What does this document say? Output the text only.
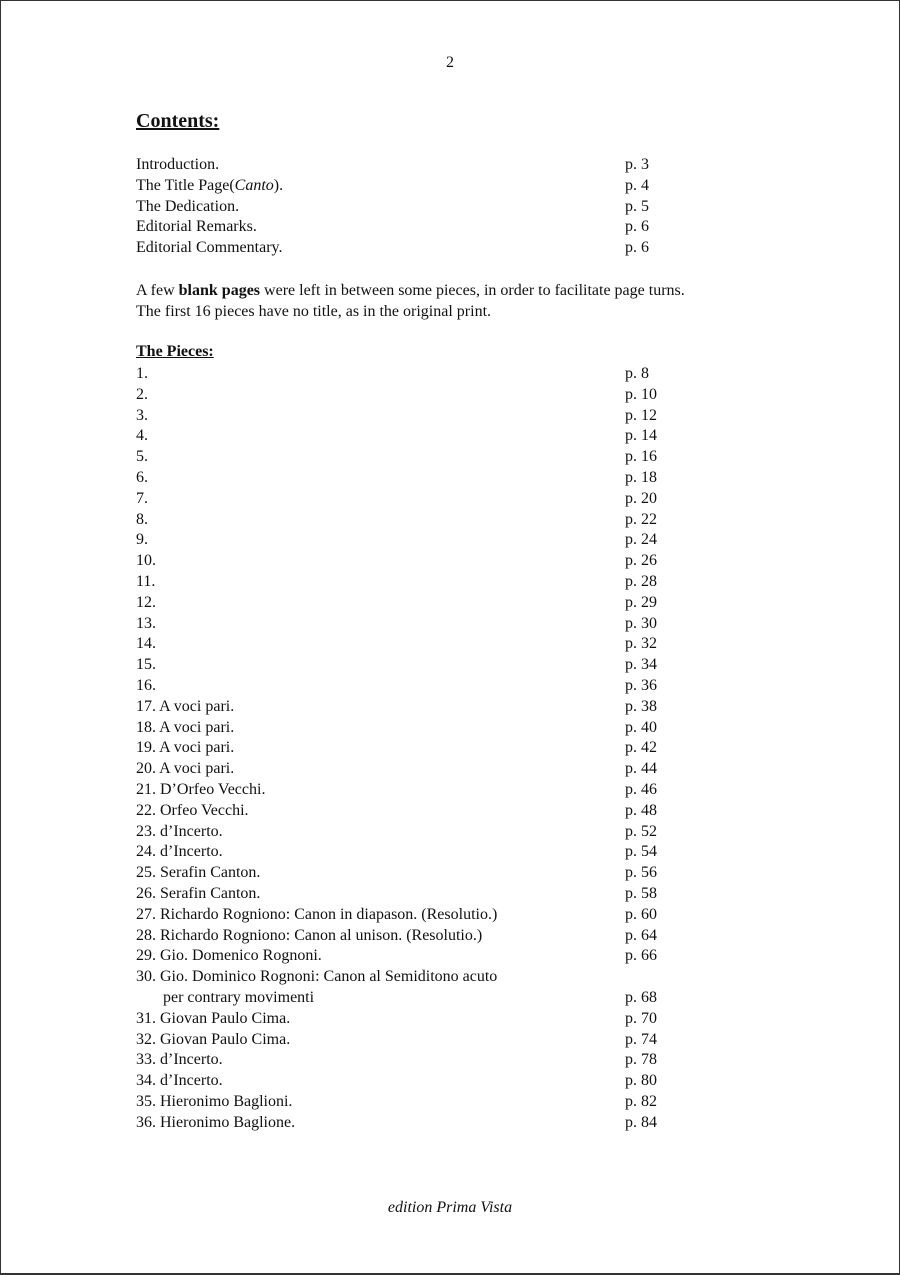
2
Contents:
Introduction.	p. 3
The Title Page(Canto).	p. 4
The Dedication.	p. 5
Editorial Remarks.	p. 6
Editorial Commentary.	p. 6
A few blank pages were left in between some pieces, in order to facilitate page turns.
The first 16 pieces have no title, as in the original print.
The Pieces:
1.	p. 8
2.	p. 10
3.	p. 12
4.	p. 14
5.	p. 16
6.	p. 18
7.	p. 20
8.	p. 22
9.	p. 24
10.	p. 26
11.	p. 28
12.	p. 29
13.	p. 30
14.	p. 32
15.	p. 34
16.	p. 36
17. A voci pari.	p. 38
18. A voci pari.	p. 40
19. A voci pari.	p. 42
20. A voci pari.	p. 44
21. D’Orfeo Vecchi.	p. 46
22. Orfeo Vecchi.	p. 48
23. d’Incerto.	p. 52
24. d’Incerto.	p. 54
25. Serafin Canton.	p. 56
26. Serafin Canton.	p. 58
27. Richardo Rogniono: Canon in diapason. (Resolutio.)	p. 60
28. Richardo Rogniono: Canon al unison. (Resolutio.)	p. 64
29. Gio. Domenico Rognoni.	p. 66
30. Gio. Dominico Rognoni: Canon al Semiditono acuto
per contrary movimenti	p. 68
31. Giovan Paulo Cima.	p. 70
32. Giovan Paulo Cima.	p. 74
33. d’Incerto.	p. 78
34. d’Incerto.	p. 80
35. Hieronimo Baglioni.	p. 82
36. Hieronimo Baglione.	p. 84
edition Prima Vista
